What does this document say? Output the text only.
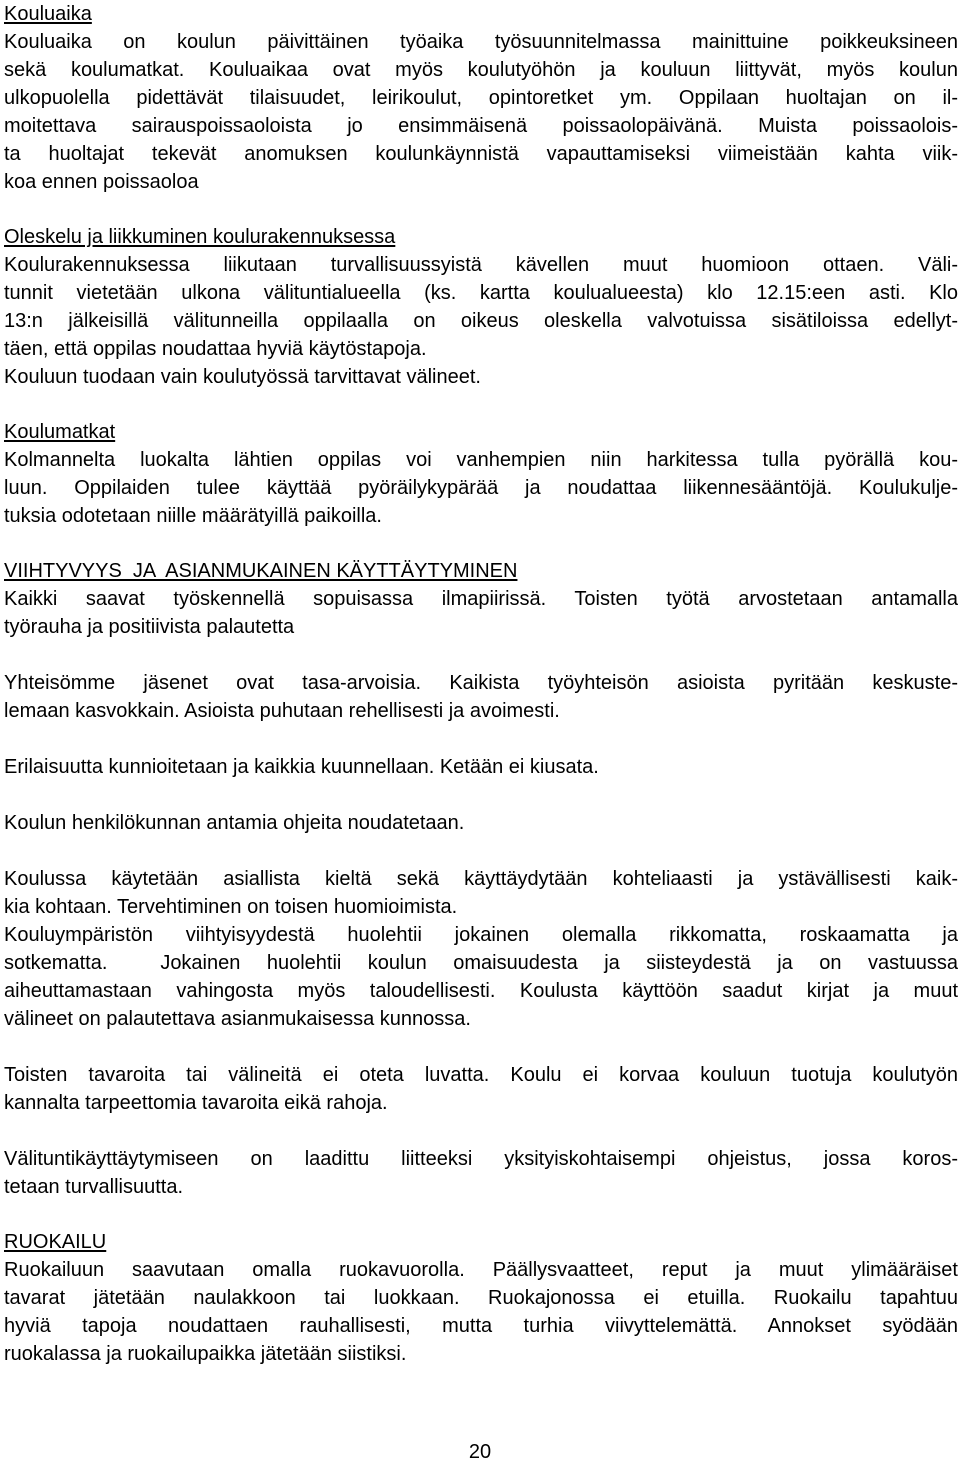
Kouluaika
Kouluaika on koulun päivittäinen työaika työsuunnitelmassa mainittuine poikkeuksineen
sekä koulumatkat. Kouluaikaa ovat myös koulutyöhön ja kouluun liittyvät, myös koulun
ulkopuolella pidettävät tilaisuudet, leirikoulut, opintoretket ym. Oppilaan huoltajan on il-
moitettava sairauspoissaoloista jo ensimmäisenä poissaolopäivänä. Muista poissaolois-
ta huoltajat tekevät anomuksen koulunkäynnistä vapauttamiseksi viimeistään kahta viik-
koa ennen poissaoloa
Oleskelu ja liikkuminen koulurakennuksessa
Koulurakennuksessa liikutaan turvallisuussyistä kävellen muut huomioon ottaen. Väli-
tunnit vietetään ulkona välituntialueella (ks. kartta koulualueesta) klo 12.15:een asti. Klo
13:n jälkeisillä välitunneilla oppilaalla on oikeus oleskella valvotuissa sisätiloissa edellyt-
täen, että oppilas noudattaa hyviä käytöstapoja.
Kouluun tuodaan vain koulutyössä tarvittavat välineet.
Koulumatkat
Kolmannelta luokalta lähtien oppilas voi vanhempien niin harkitessa tulla pyörällä kou-
luun. Oppilaiden tulee käyttää pyöräilykypärää ja noudattaa liikennesääntöjä. Koulukulje-
tuksia odotetaan niille määrätyillä paikoilla.
VIIHTYVYYS  JA  ASIANMUKAINEN KÄYTTÄYTYMINEN
Kaikki saavat työskennellä sopuisassa ilmapiirissä. Toisten työtä arvostetaan antamalla
työrauha ja positiivista palautetta
Yhteisömme jäsenet ovat tasa-arvoisia. Kaikista työyhteisön asioista pyritään keskuste-
lemaan kasvokkain. Asioista puhutaan rehellisesti ja avoimesti.
Erilaisuutta kunnioitetaan ja kaikkia kuunnellaan. Ketään ei kiusata.
Koulun henkilökunnan antamia ohjeita noudatetaan.
Koulussa käytetään asiallista kieltä sekä käyttäydytään kohteliaasti ja ystävällisesti kaik-
kia kohtaan. Tervehtiminen on toisen huomioimista.
Kouluympäristön viihtyisyydestä huolehtii jokainen olemalla rikkomatta, roskaamatta ja
sotkematta.  Jokainen huolehtii koulun omaisuudesta ja siisteydestä ja on vastuussa
aiheuttamastaan vahingosta myös taloudellisesti. Koulusta käyttöön saadut kirjat ja muut
välineet on palautettava asianmukaisessa kunnossa.
Toisten tavaroita tai välineitä ei oteta luvatta. Koulu ei korvaa kouluun tuotuja koulutyön
kannalta tarpeettomia tavaroita eikä rahoja.
Välituntikäyttäytymiseen on laadittu liitteeksi yksityiskohtaisempi ohjeistus, jossa koros-
tetaan turvallisuutta.
RUOKAILU
Ruokailuun saavutaan omalla ruokavuorolla. Päällysvaatteet, reput ja muut ylimääräiset
tavarat jätetään naulakkoon tai luokkaan. Ruokajonossa ei etuilla. Ruokailu tapahtuu
hyviä tapoja noudattaen rauhallisesti, mutta turhia viivyttelemättä. Annokset syödään
ruokalassa ja ruokailupaikka jätetään siistiksi.
20
